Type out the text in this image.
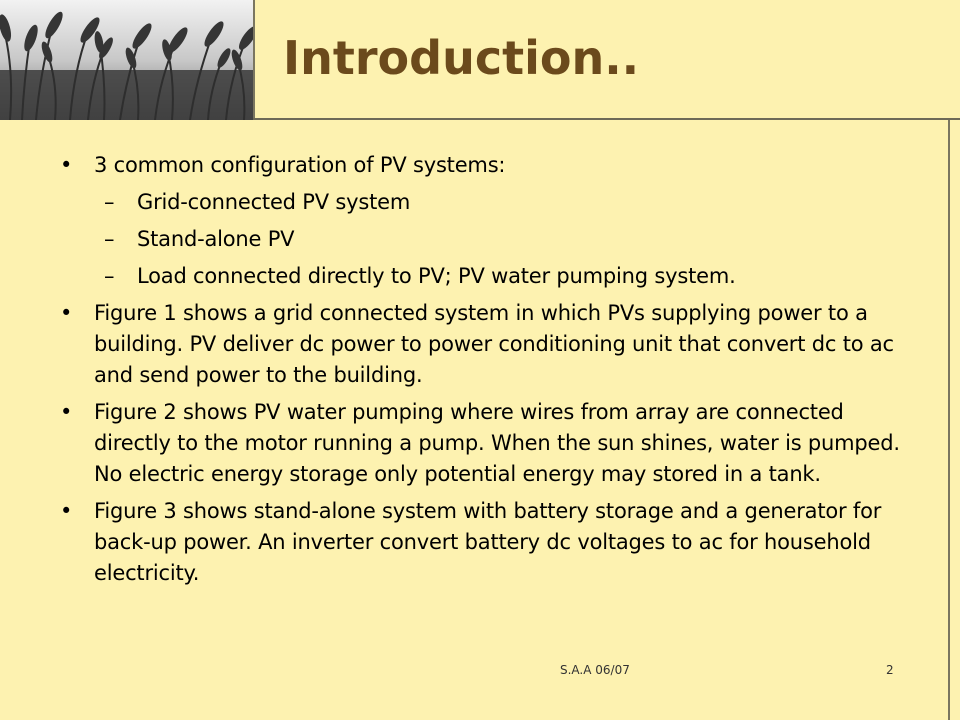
Introduction..
• 3 common configuration of PV systems:
– Grid-connected PV system
– Stand-alone PV
– Load connected directly to PV; PV water pumping system.
• Figure 1 shows a grid connected system in which PVs supplying power to a building. PV deliver dc power to power conditioning unit that convert dc to ac and send power to the building.
• Figure 2 shows PV water pumping where wires from array are connected directly to the motor running a pump. When the sun shines, water is pumped. No electric energy storage only potential energy may stored in a tank.
• Figure 3 shows stand-alone system with battery storage and a generator for back-up power. An inverter convert battery dc voltages to ac for household electricity.
S.A.A 06/07	2
